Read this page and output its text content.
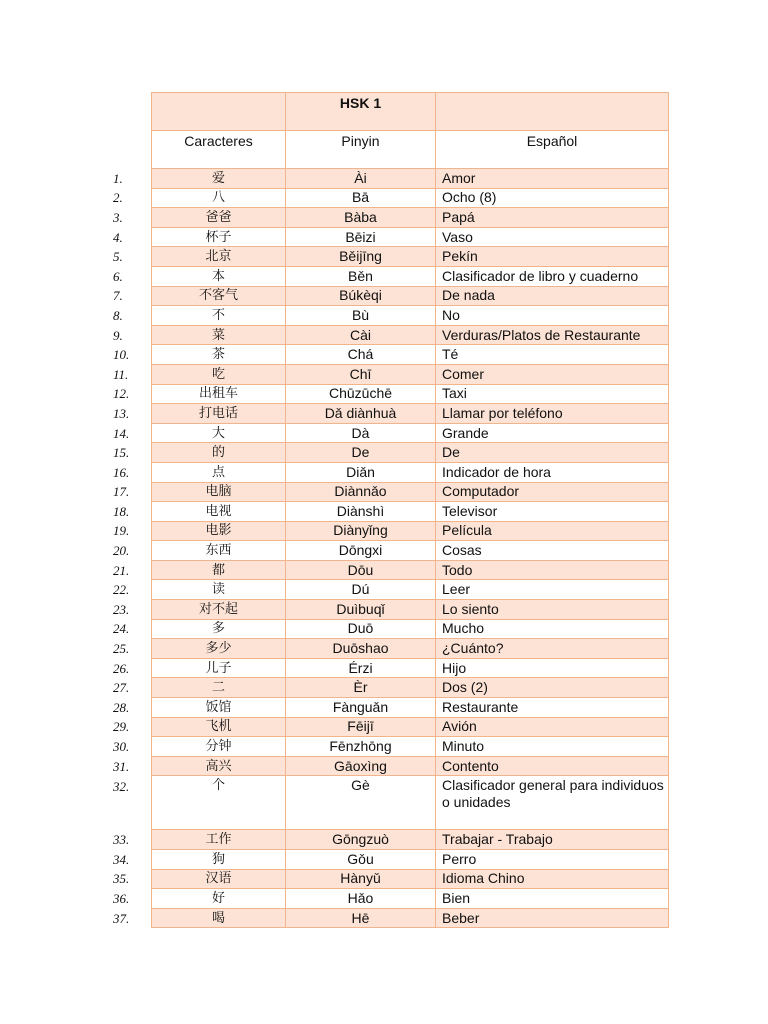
	HSK 1	
Caracteres	Pinyin	Español

1. 爱	Ài	Amor

2. 八	Bā	Ocho (8)

3. 爸爸	Bàba	Papá

4. 杯子	Bēizi	Vaso

5. 北京	Běijīng	Pekín

6. 本	Běn	Clasificador de libro y cuaderno

7. 不客气	Búkèqi	De nada

8. 不	Bù	No

9. 菜	Cài	Verduras/Platos de Restaurante

10. 茶	Chá	Té

11. 吃	Chī	Comer

12. 出租车	Chūzūchē	Taxi

13. 打电话	Dǎ diànhuà	Llamar por teléfono

14. 大	Dà	Grande

15. 的	De	De

16. 点	Diǎn	Indicador de hora

17. 电脑	Diànnǎo	Computador

18. 电视	Diànshì	Televisor

19. 电影	Diànyǐng	Película

20. 东西	Dōngxi	Cosas

21. 都	Dōu	Todo

22. 读	Dú	Leer

23. 对不起	Duìbuqǐ	Lo siento

24. 多	Duō	Mucho

25. 多少	Duōshao	¿Cuánto?

26. 儿子	Érzi	Hijo

27. 二	Èr	Dos (2)

28. 饭馆	Fànguǎn	Restaurante

29. 飞机	Fēijī	Avión

30. 分钟	Fēnzhōng	Minuto

31. 高兴	Gāoxìng	Contento

32. 个	Gè	Clasificador general para individuos o unidades

33. 工作	Gōngzuò	Trabajar - Trabajo

34. 狗	Gǒu	Perro

35. 汉语	Hànyǔ	Idioma Chino

36. 好	Hǎo	Bien

37. 喝	Hē	Beber
